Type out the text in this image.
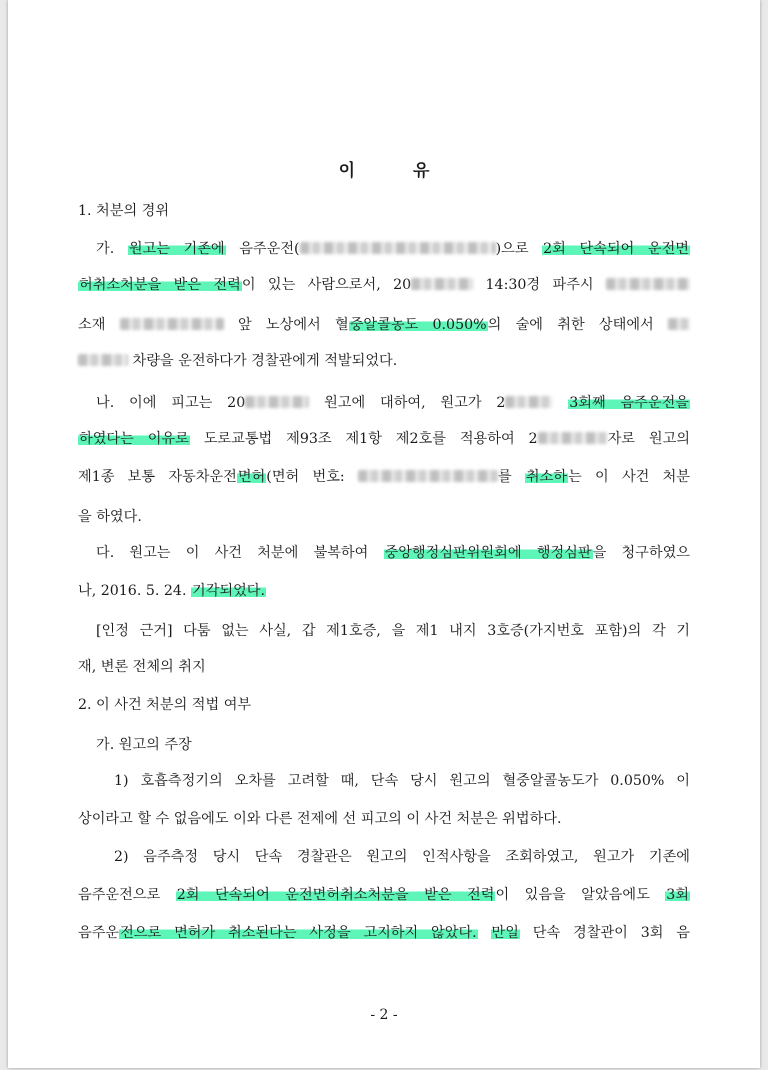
이	유
1. 처분의 경위
가. 원고는 기존에 음주운전(	)으로 2회 단속되어 운전면
허취소처분을 받은 전력이 있는 사람으로서, 20	14:30경 파주시
소재	앞 노상에서 혈중알콜농도 0.050%의 술에 취한 상태에서
차량을 운전하다가 경찰관에게 적발되었다.
나. 이에 피고는 20	원고에 대하여, 원고가 2	3회째 음주운전을
하였다는 이유로 도로교통법 제93조 제1항 제2호를 적용하여 2	자로 원고의
제1종 보통 자동차운전면허(면허 번호:	를 취소하는 이 사건 처분
을 하였다.
다. 원고는 이 사건 처분에 불복하여 중앙행정심판위원회에 행정심판을 청구하였으
나, 2016. 5. 24. 기각되었다.
[인정 근거] 다툼 없는 사실, 갑 제1호증, 을 제1 내지 3호증(가지번호 포함)의 각 기
재, 변론 전체의 취지
2. 이 사건 처분의 적법 여부
가. 원고의 주장
1) 호흡측정기의 오차를 고려할 때, 단속 당시 원고의 혈중알콜농도가 0.050% 이
상이라고 할 수 없음에도 이와 다른 전제에 선 피고의 이 사건 처분은 위법하다.
2) 음주측정 당시 단속 경찰관은 원고의 인적사항을 조회하였고, 원고가 기존에
음주운전으로 2회 단속되어 운전면허취소처분을 받은 전력이 있음을 알았음에도 3회
음주운전으로 면허가 취소된다는 사정을 고지하지 않았다. 만일 단속 경찰관이 3회 음
- 2 -
